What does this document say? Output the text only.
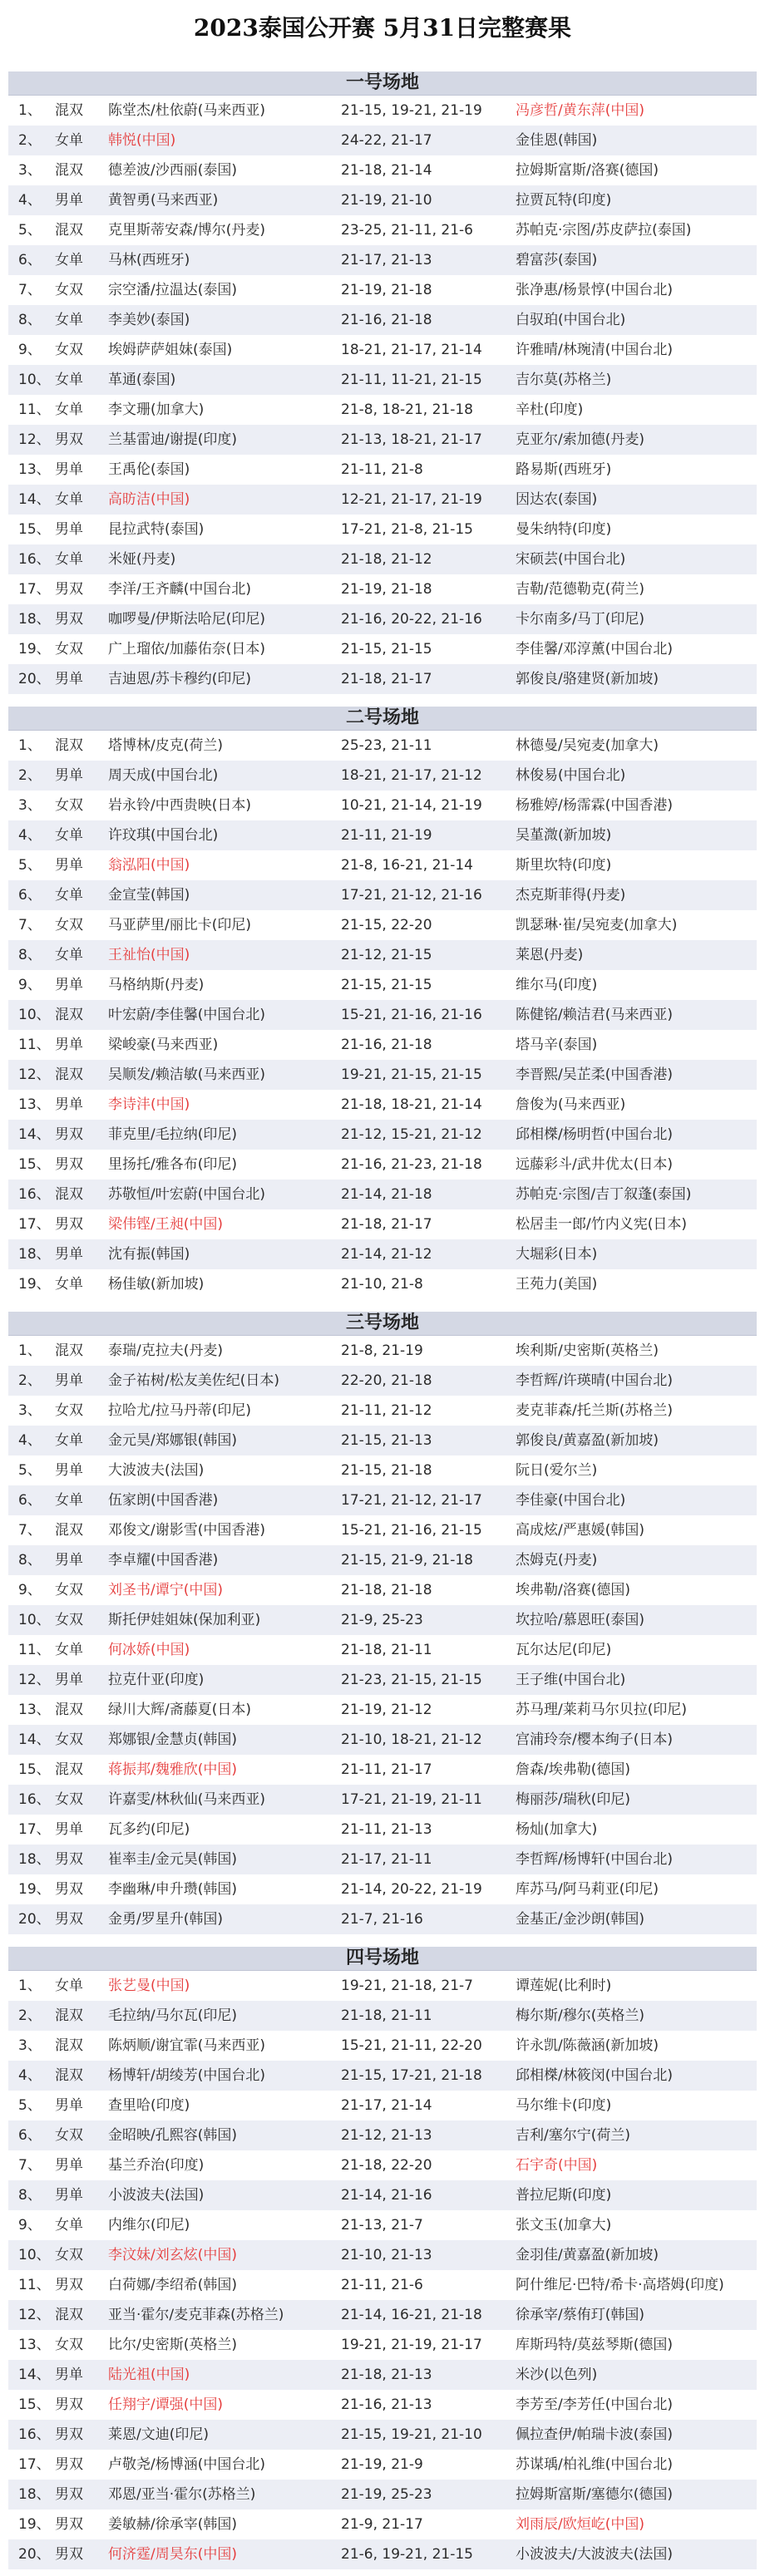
2023泰国公开赛 5月31日完整赛果
一号场地
1、 混双 陈堂杰/杜依蔚(马来西亚)	21-15, 19-21, 21-19 冯彦哲/黄东萍(中国)
2、 女单 韩悦(中国)	24-22, 21-17	金佳恩(韩国)
3、 混双 德差波/沙西丽(泰国)	21-18, 21-14	拉姆斯富斯/洛赛(德国)
4、 男单 黄智勇(马来西亚)	21-19, 21-10	拉贾瓦特(印度)
5、 混双 克里斯蒂安森/博尔(丹麦)	23-25, 21-11, 21-6	苏帕克·宗图/苏皮萨拉(泰国)
6、 女单 马林(西班牙)	21-17, 21-13	碧富莎(泰国)
7、 女双 宗空潘/拉温达(泰国)	21-19, 21-18	张净惠/杨景惇(中国台北)
8、 女单 李美妙(泰国)	21-16, 21-18	白驭珀(中国台北)
9、 女双 埃姆萨萨姐妹(泰国)	18-21, 21-17, 21-14 许雅晴/林琬清(中国台北)
10、 女单 革通(泰国)	21-11, 11-21, 21-15 吉尔莫(苏格兰)
11、 女单 李文珊(加拿大)	21-8, 18-21, 21-18	辛杜(印度)
12、 男双 兰基雷迪/谢提(印度)	21-13, 18-21, 21-17 克亚尔/索加德(丹麦)
13、 男单 王禹伦(泰国)	21-11, 21-8	路易斯(西班牙)
14、 女单 高昉洁(中国)	12-21, 21-17, 21-19 因达农(泰国)
15、 男单 昆拉武特(泰国)	17-21, 21-8, 21-15	曼朱纳特(印度)
16、 女单 米娅(丹麦)	21-18, 21-12	宋硕芸(中国台北)
17、 男双 李洋/王齐麟(中国台北)	21-19, 21-18	吉勒/范德勒克(荷兰)
18、 男双 咖啰曼/伊斯法哈尼(印尼)	21-16, 20-22, 21-16 卡尔南多/马丁(印尼)
19、 女双 广上瑠依/加藤佑奈(日本)	21-15, 21-15	李佳馨/邓淳薰(中国台北)
20、 男单 吉迪恩/苏卡穆约(印尼)	21-18, 21-17	郭俊良/骆建贤(新加坡)
二号场地
1、 混双 塔博林/皮克(荷兰)	25-23, 21-11	林德曼/吴宛麦(加拿大)
2、 男单 周天成(中国台北)	18-21, 21-17, 21-12 林俊易(中国台北)
3、 女双 岩永铃/中西贵映(日本)	10-21, 21-14, 21-19 杨雅婷/杨霈霖(中国香港)
4、 女单 许玟琪(中国台北)	21-11, 21-19	吴堇溦(新加坡)
5、 男单 翁泓阳(中国)	21-8, 16-21, 21-14	斯里坎特(印度)
6、 女单 金宣莹(韩国)	17-21, 21-12, 21-16 杰克斯菲得(丹麦)
7、 女双 马亚萨里/丽比卡(印尼)	21-15, 22-20	凯瑟琳·崔/吴宛麦(加拿大)
8、 女单 王祉怡(中国)	21-12, 21-15	莱恩(丹麦)
9、 男单 马格纳斯(丹麦)	21-15, 21-15	维尔马(印度)
10、 混双 叶宏蔚/李佳馨(中国台北)	15-21, 21-16, 21-16 陈健铭/赖洁君(马来西亚)
11、 男单 梁峻豪(马来西亚)	21-16, 21-18	塔马辛(泰国)
12、 混双 吴顺发/赖洁敏(马来西亚)	19-21, 21-15, 21-15 李晋熙/吴芷柔(中国香港)
13、 男单 李诗沣(中国)	21-18, 18-21, 21-14 詹俊为(马来西亚)
14、 男双 菲克里/毛拉纳(印尼)	21-12, 15-21, 21-12 邱相榤/杨明哲(中国台北)
15、 男双 里扬托/雅各布(印尼)	21-16, 21-23, 21-18 远藤彩斗/武井优太(日本)
16、 混双 苏敬恒/叶宏蔚(中国台北)	21-14, 21-18	苏帕克·宗图/吉丁叙蓬(泰国)
17、 男双 梁伟铿/王昶(中国)	21-18, 21-17	松居圭一郎/竹内义宪(日本)
18、 男单 沈有振(韩国)	21-14, 21-12	大堀彩(日本)
19、 女单 杨佳敏(新加坡)	21-10, 21-8	王苑力(美国)
三号场地
1、 混双 泰瑞/克拉夫(丹麦)	21-8, 21-19	埃利斯/史密斯(英格兰)
2、 男单 金子祐树/松友美佐纪(日本)	22-20, 21-18	李哲辉/许瑛晴(中国台北)
3、 女双 拉哈尤/拉马丹蒂(印尼)	21-11, 21-12	麦克菲森/托兰斯(苏格兰)
4、 女单 金元昊/郑娜银(韩国)	21-15, 21-13	郭俊良/黄嘉盈(新加坡)
5、 男单 大波波夫(法国)	21-15, 21-18	阮日(爱尔兰)
6、 女单 伍家朗(中国香港)	17-21, 21-12, 21-17 李佳豪(中国台北)
7、 混双 邓俊文/谢影雪(中国香港)	15-21, 21-16, 21-15 高成炫/严惠媛(韩国)
8、 男单 李卓耀(中国香港)	21-15, 21-9, 21-18	杰姆克(丹麦)
9、 女双 刘圣书/谭宁(中国)	21-18, 21-18	埃弗勒/洛赛(德国)
10、 女双 斯托伊娃姐妹(保加利亚)	21-9, 25-23	坎拉哈/慕恩旺(泰国)
11、 女单 何冰娇(中国)	21-18, 21-11	瓦尔达尼(印尼)
12、 男单 拉克什亚(印度)	21-23, 21-15, 21-15 王子维(中国台北)
13、 混双 绿川大辉/斋藤夏(日本)	21-19, 21-12	苏马理/莱莉马尔贝拉(印尼)
14、 女双 郑娜银/金慧贞(韩国)	21-10, 18-21, 21-12 宫浦玲奈/樱本绚子(日本)
15、 混双 蒋振邦/魏雅欣(中国)	21-11, 21-17	詹森/埃弗勒(德国)
16、 女双 许嘉雯/林秋仙(马来西亚)	17-21, 21-19, 21-11 梅丽莎/瑞秋(印尼)
17、 男单 瓦多约(印尼)	21-11, 21-13	杨灿(加拿大)
18、 男双 崔率圭/金元昊(韩国)	21-17, 21-11	李哲辉/杨博轩(中国台北)
19、 男双 李幽琳/申升瓒(韩国)	21-14, 20-22, 21-19 库苏马/阿马莉亚(印尼)
20、 男双 金勇/罗星升(韩国)	21-7, 21-16	金基正/金沙朗(韩国)
四号场地
1、 女单 张艺曼(中国)	19-21, 21-18, 21-7	谭莲妮(比利时)
2、 混双 毛拉纳/马尔瓦(印尼)	21-18, 21-11	梅尔斯/穆尔(英格兰)
3、 混双 陈炳顺/谢宜霏(马来西亚)	15-21, 21-11, 22-20 许永凯/陈薇涵(新加坡)
4、 混双 杨博轩/胡绫芳(中国台北)	21-15, 17-21, 21-18 邱相榤/林筱闵(中国台北)
5、 男单 查里哈(印度)	21-17, 21-14	马尔维卡(印度)
6、 女双 金昭映/孔熙容(韩国)	21-12, 21-13	吉利/塞尔宁(荷兰)
7、 男单 基兰乔治(印度)	21-18, 22-20	石宇奇(中国)
8、 男单 小波波夫(法国)	21-14, 21-16	普拉尼斯(印度)
9、 女单 内维尔(印尼)	21-13, 21-7	张文玉(加拿大)
10、 女双 李汶妹/刘玄炫(中国)	21-10, 21-13	金羽佳/黄嘉盈(新加坡)
11、 男双 白荷娜/李绍希(韩国)	21-11, 21-6	阿什维尼·巴特/希卡·高塔姆(印度)
12、 混双 亚当·霍尔/麦克菲森(苏格兰)	21-14, 16-21, 21-18 徐承宰/蔡侑玎(韩国)
13、 女双 比尔/史密斯(英格兰)	19-21, 21-19, 21-17 库斯玛特/莫兹琴斯(德国)
14、 男单 陆光祖(中国)	21-18, 21-13	米沙(以色列)
15、 男双 任翔宇/谭强(中国)	21-16, 21-13	李芳至/李芳任(中国台北)
16、 男双 莱恩/文迪(印尼)	21-15, 19-21, 21-10 佩拉查伊/帕瑞卡波(泰国)
17、 男双 卢敬尧/杨博涵(中国台北)	21-19, 21-9	苏谋瑀/柏礼维(中国台北)
18、 男双 邓恩/亚当·霍尔(苏格兰)	21-19, 25-23	拉姆斯富斯/塞德尔(德国)
19、 男双 姜敏赫/徐承宰(韩国)	21-9, 21-17	刘雨辰/欧烜屹(中国)
20、 男双 何济霆/周昊东(中国)	21-6, 19-21, 21-15	小波波夫/大波波夫(法国)
